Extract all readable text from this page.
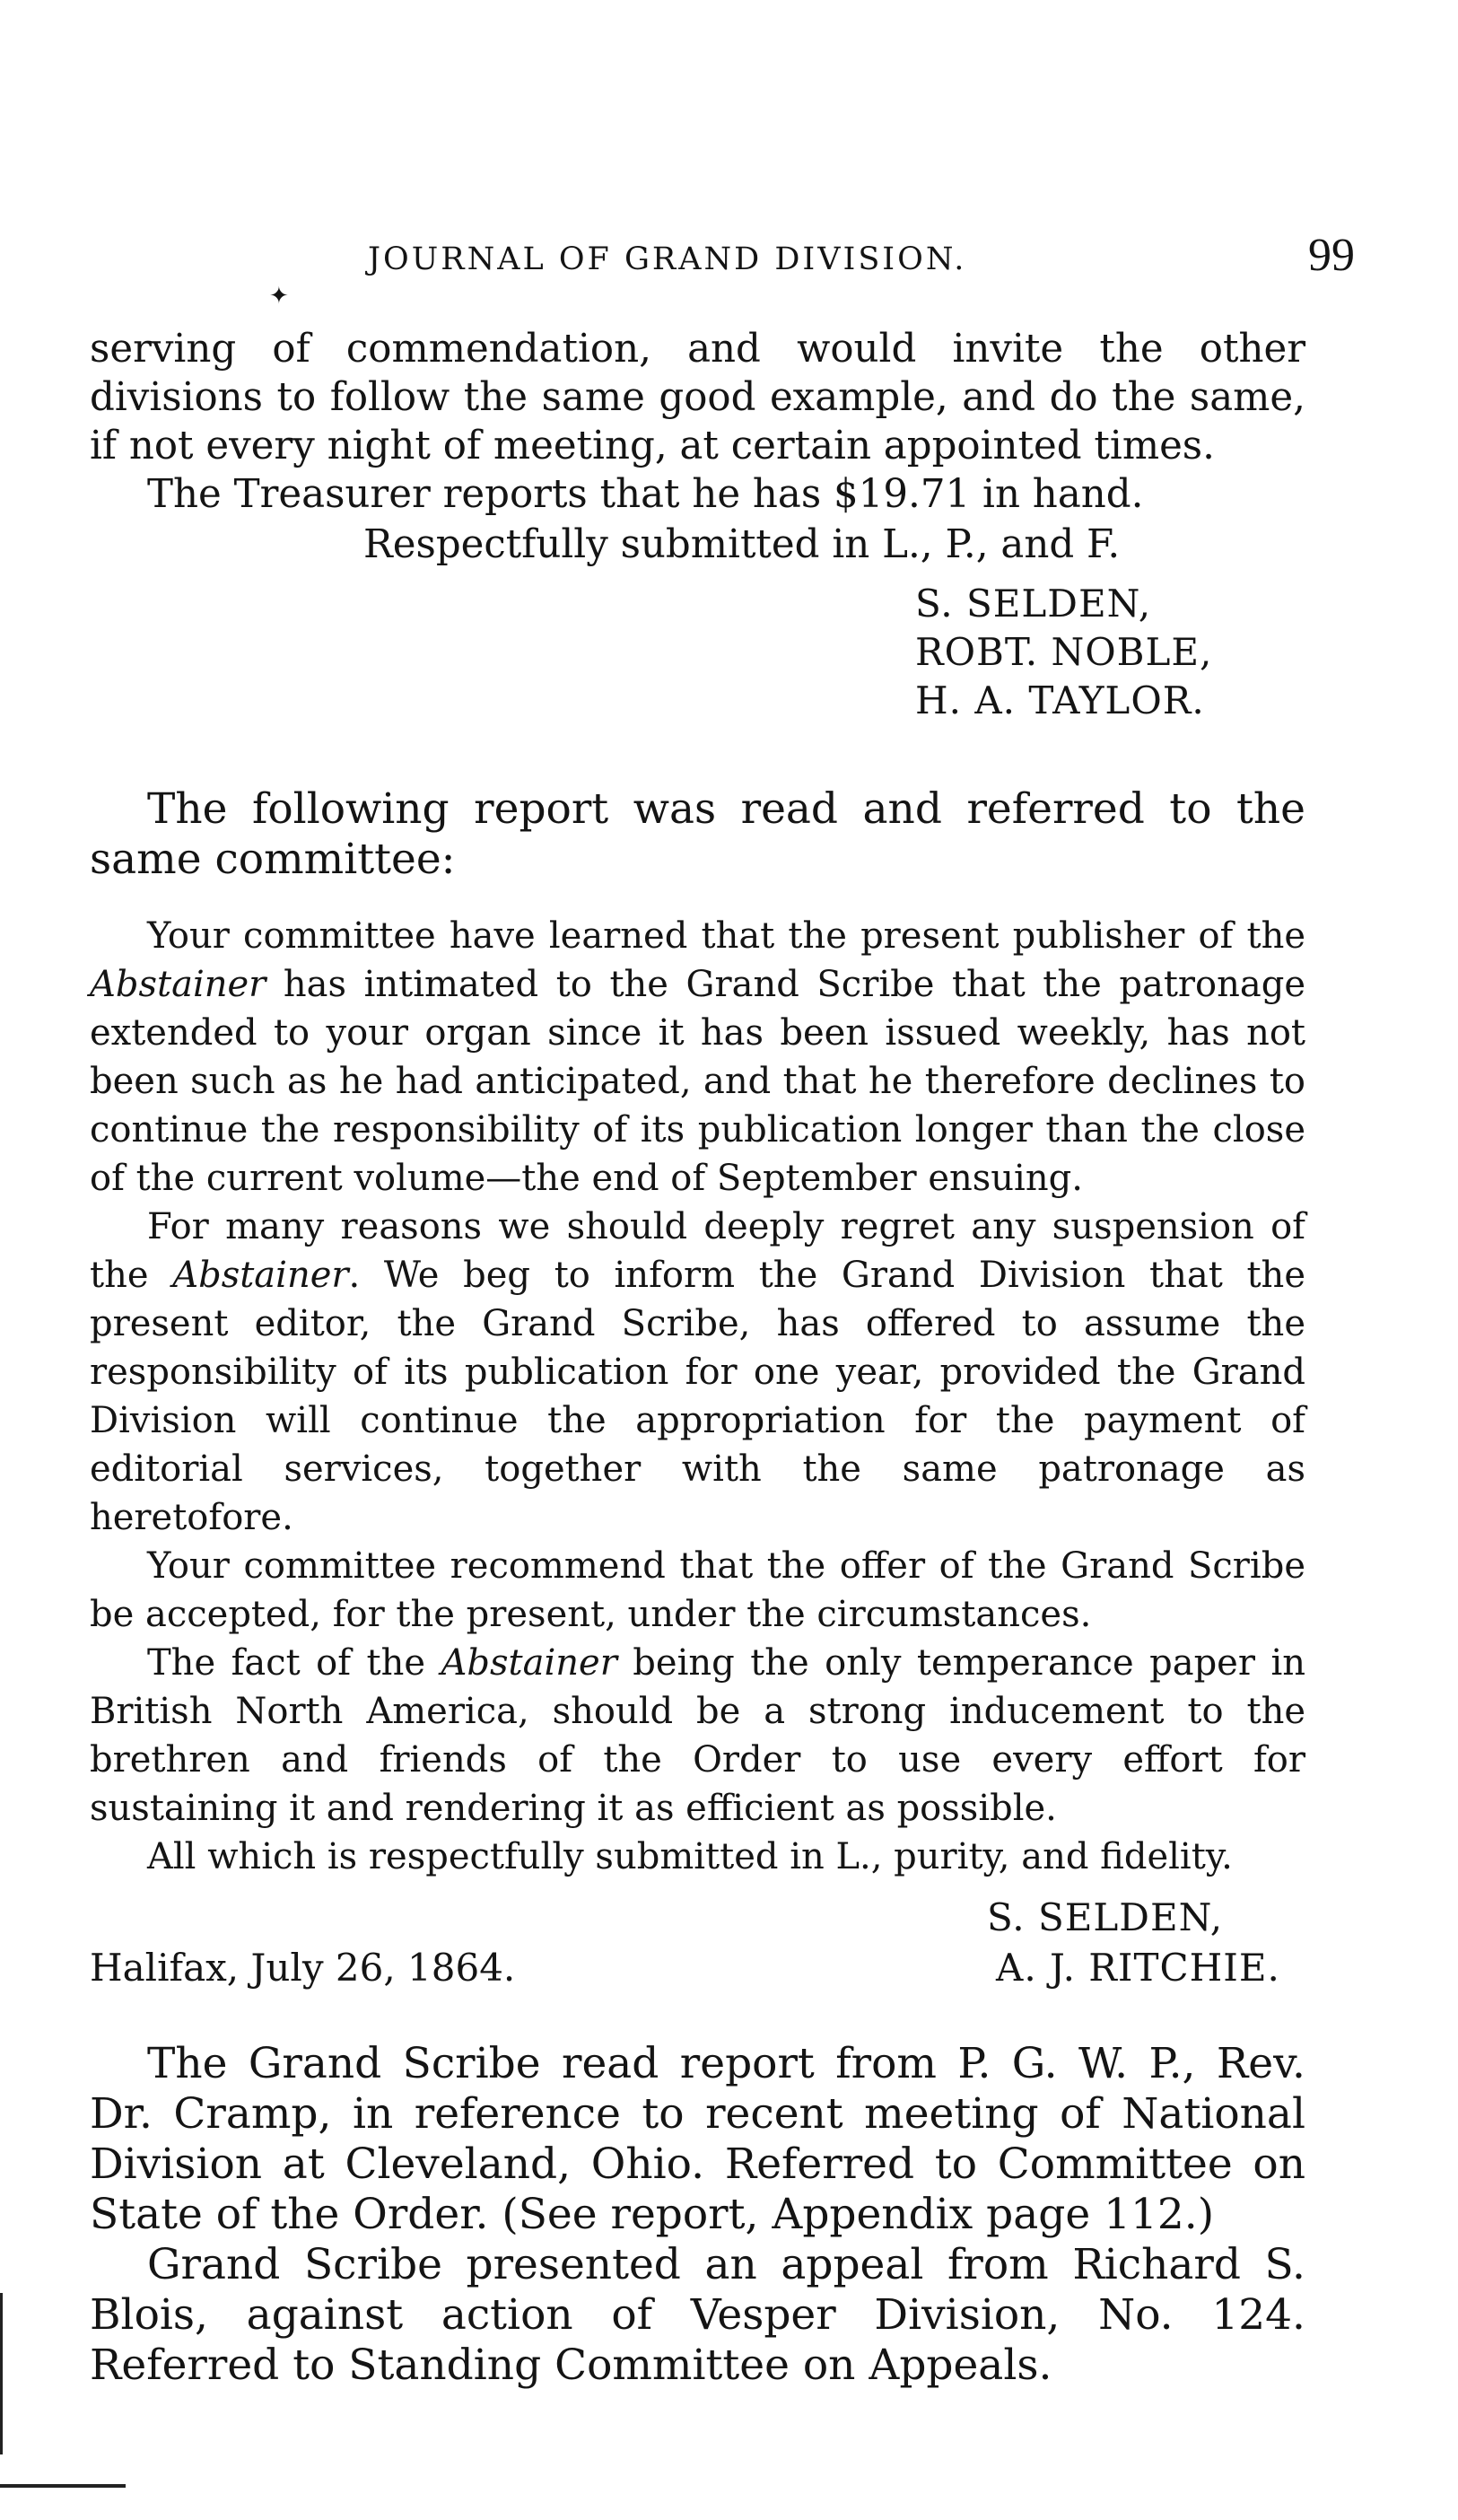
✦
JOURNAL OF GRAND DIVISION.	99

serving of commendation, and would invite the other divisions to follow the same good example, and do the same, if not every night of meeting, at certain appointed times.

The Treasurer reports that he has $19.71 in hand.

Respectfully submitted in L., P., and F.

S. SELDEN,
ROBT. NOBLE,
H. A. TAYLOR.

The following report was read and referred to the same committee:

Your committee have learned that the present publisher of the Abstainer has intimated to the Grand Scribe that the patronage extended to your organ since it has been issued weekly, has not been such as he had anticipated, and that he therefore declines to continue the responsibility of its publication longer than the close of the current volume—the end of September ensuing.

For many reasons we should deeply regret any suspension of the Abstainer. We beg to inform the Grand Division that the present editor, the Grand Scribe, has offered to assume the responsibility of its publication for one year, provided the Grand Division will continue the appropriation for the payment of editorial services, together with the same patronage as heretofore.

Your committee recommend that the offer of the Grand Scribe be accepted, for the present, under the circumstances.

The fact of the Abstainer being the only temperance paper in British North America, should be a strong inducement to the brethren and friends of the Order to use every effort for sustaining it and rendering it as efficient as possible.

All which is respectfully submitted in L., purity, and fidelity.

S. SELDEN,
Halifax, July 26, 1864.	A. J. RITCHIE.

The Grand Scribe read report from P. G. W. P., Rev. Dr. Cramp, in reference to recent meeting of National Division at Cleveland, Ohio. Referred to Committee on State of the Order. (See report, Appendix page 112.)

Grand Scribe presented an appeal from Richard S. Blois, against action of Vesper Division, No. 124. Referred to Standing Committee on Appeals.
